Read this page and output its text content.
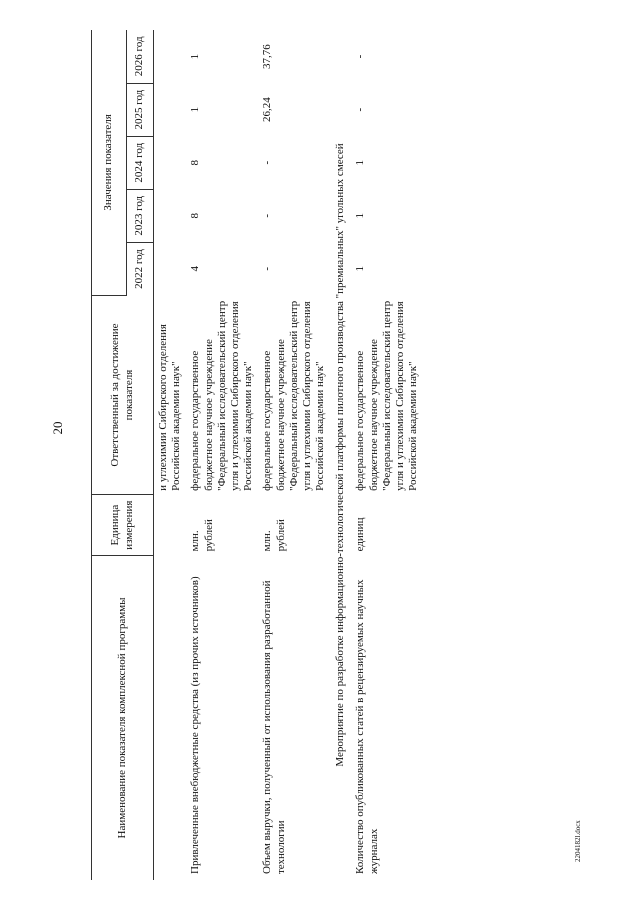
20
Наименование показателя комплексной программы	Единица измерения	Ответственный за достижение показателя	Значения показателя				
			2022 год	2023 год	2024 год	2025 год	2026 год
		и углехимии Сибирского отделения Российской академии наук"					
Привлеченные внебюджетные средства (из прочих источников)	млн. рублей	федеральное государственное бюджетное научное учреждение "Федеральный исследовательский центр угля и углехимии Сибирского отделения Российской академии наук"	4	8	8	1	1
Объем выручки, полученный от использования разработанной технологии	млн. рублей	федеральное государственное бюджетное научное учреждение "Федеральный исследовательский центр угля и углехимии Сибирского отделения Российской академии наук"	-	-	-	26,24	37,76
Мероприятие по разработке информационно-технологической платформы пилотного производства "премиальных" угольных смесей							
Количество опубликованных статей в рецензируемых научных журналах	единиц	федеральное государственное бюджетное научное учреждение "Федеральный исследовательский центр угля и углехимии Сибирского отделения Российской академии наук"	1	1	1	-	-
2204182l.docx
